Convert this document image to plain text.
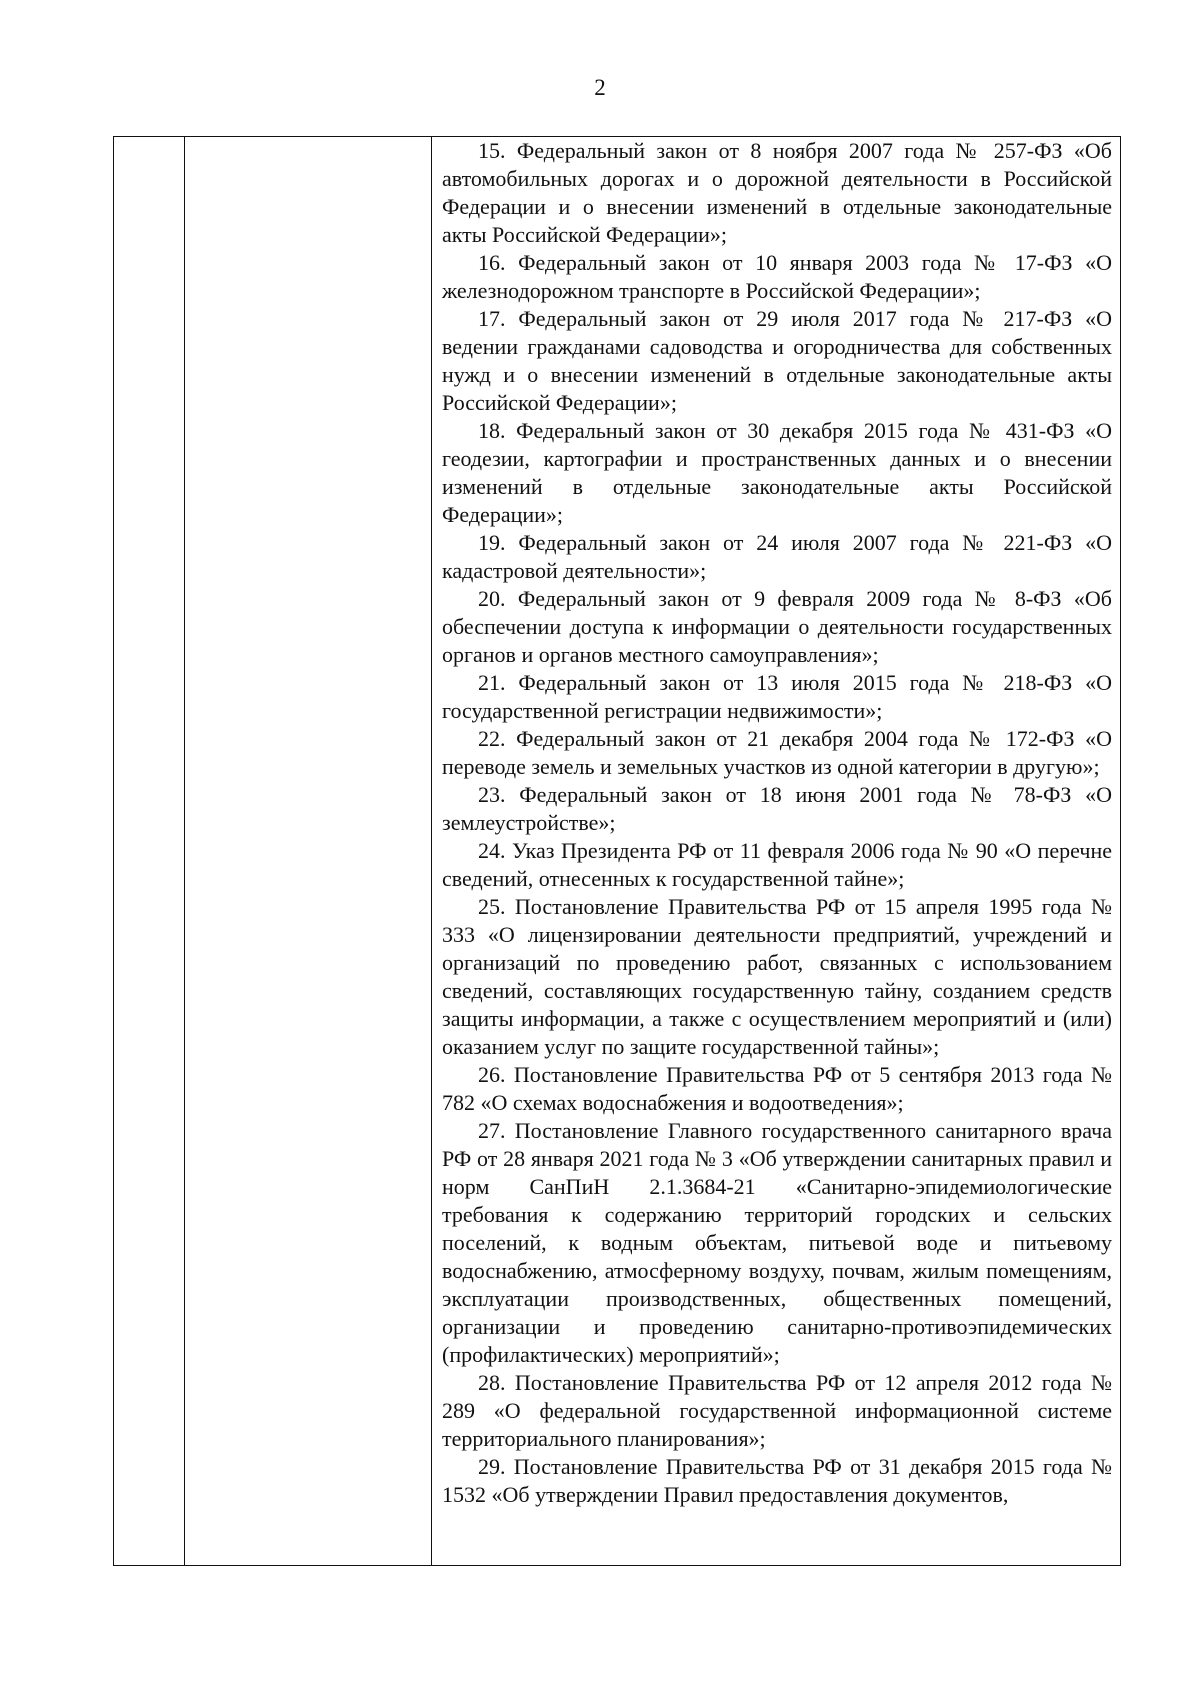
2

15. Федеральный закон от 8 ноября 2007 года № 257-ФЗ «Об автомобильных дорогах и о дорожной деятельности в Российской Федерации и о внесении изменений в отдельные законодательные акты Российской Федерации»;

16. Федеральный закон от 10 января 2003 года № 17-ФЗ «О железнодорожном транспорте в Российской Федерации»;

17. Федеральный закон от 29 июля 2017 года № 217-ФЗ «О ведении гражданами садоводства и огородничества для собственных нужд и о внесении изменений в отдельные законодательные акты Российской Федерации»;

18. Федеральный закон от 30 декабря 2015 года № 431-ФЗ «О геодезии, картографии и пространственных данных и о внесении изменений в отдельные законодательные акты Российской Федерации»;

19. Федеральный закон от 24 июля 2007 года № 221-ФЗ «О кадастровой деятельности»;

20. Федеральный закон от 9 февраля 2009 года № 8-ФЗ «Об обеспечении доступа к информации о деятельности государственных органов и органов местного самоуправления»;

21. Федеральный закон от 13 июля 2015 года № 218-ФЗ «О государственной регистрации недвижимости»;

22. Федеральный закон от 21 декабря 2004 года № 172-ФЗ «О переводе земель и земельных участков из одной категории в другую»;

23. Федеральный закон от 18 июня 2001 года № 78-ФЗ «О землеустройстве»;

24. Указ Президента РФ от 11 февраля 2006 года № 90 «О перечне сведений, отнесенных к государственной тайне»;

25. Постановление Правительства РФ от 15 апреля 1995 года № 333 «О лицензировании деятельности предприятий, учреждений и организаций по проведению работ, связанных с использованием сведений, составляющих государственную тайну, созданием средств защиты информации, а также с осуществлением мероприятий и (или) оказанием услуг по защите государственной тайны»;

26. Постановление Правительства РФ от 5 сентября 2013 года № 782 «О схемах водоснабжения и водоотведения»;

27. Постановление Главного государственного санитарного врача РФ от 28 января 2021 года № 3 «Об утверждении санитарных правил и норм СанПиН 2.1.3684-21 «Санитарно-эпидемиологические требования к содержанию территорий городских и сельских поселений, к водным объектам, питьевой воде и питьевому водоснабжению, атмосферному воздуху, почвам, жилым помещениям, эксплуатации производственных, общественных помещений, организации и проведению санитарно-противоэпидемических (профилактических) мероприятий»;

28. Постановление Правительства РФ от 12 апреля 2012 года № 289 «О федеральной государственной информационной системе территориального планирования»;

29. Постановление Правительства РФ от 31 декабря 2015 года № 1532 «Об утверждении Правил предоставления документов,
